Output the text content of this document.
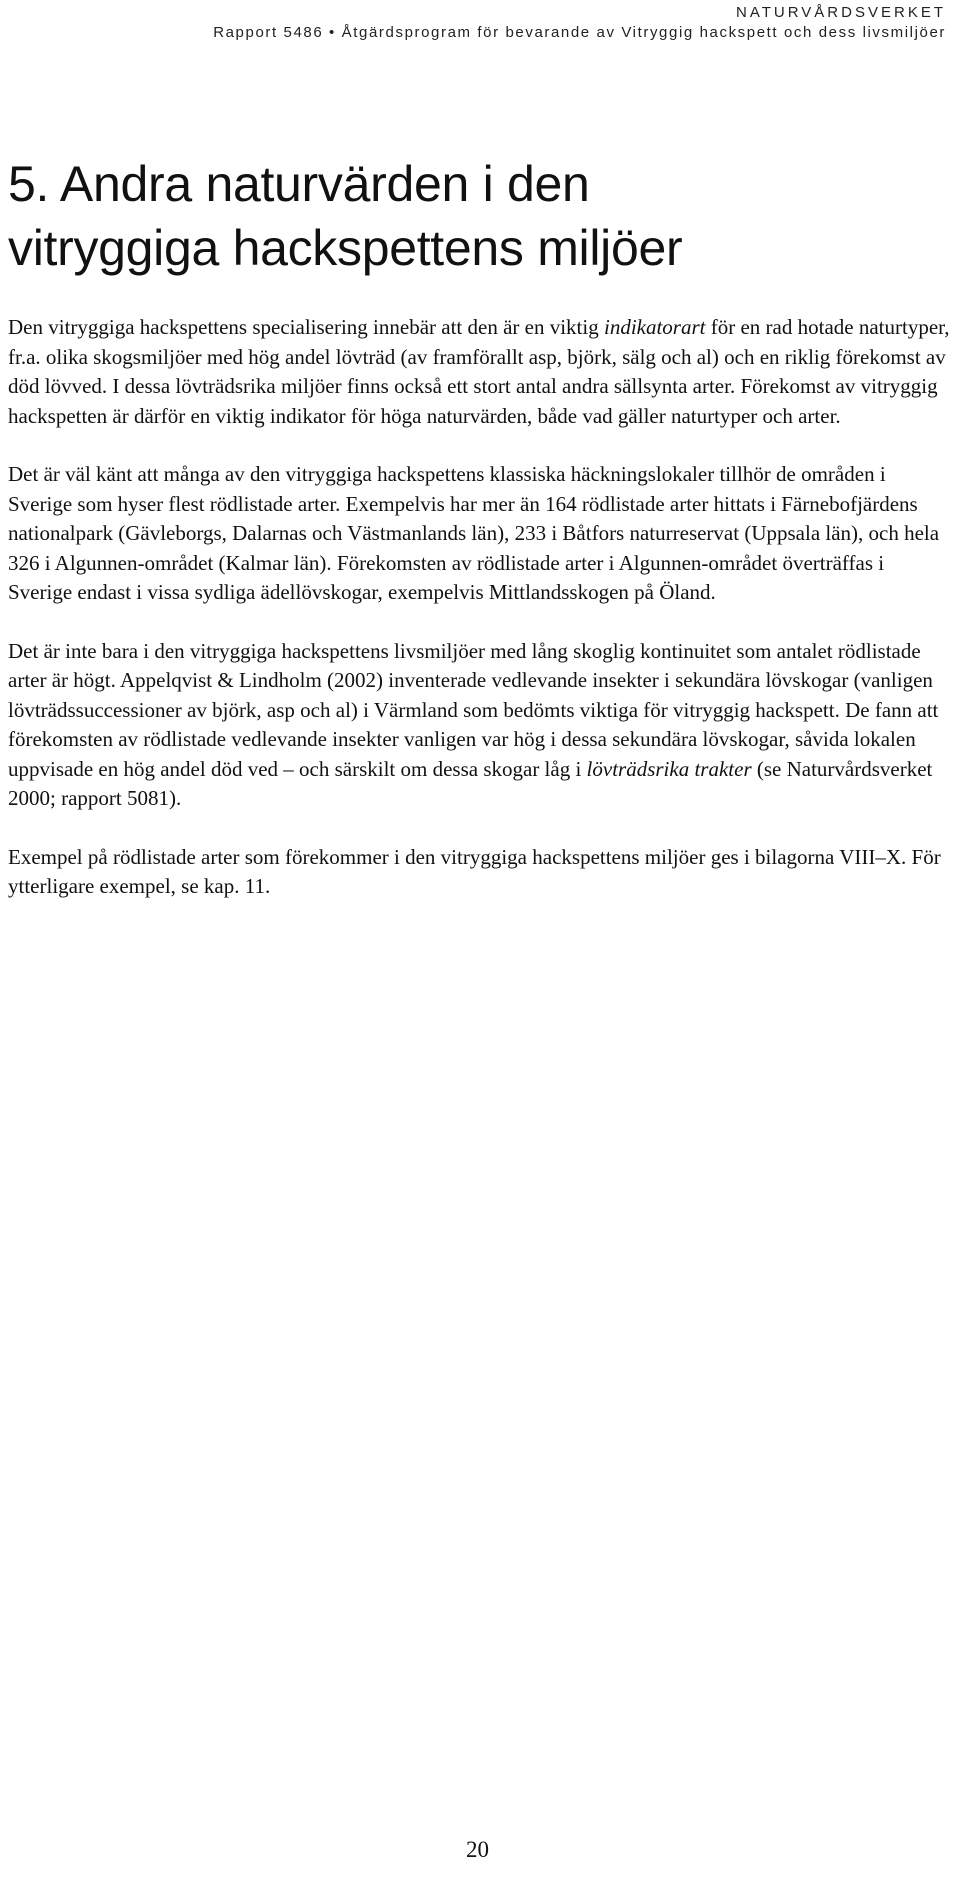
NATURVÅRDSVERKET
Rapport 5486 • Åtgärdsprogram för bevarande av Vitryggig hackspett och dess livsmiljöer
5. Andra naturvärden i den
vitryggiga hackspettens miljöer

Den vitryggiga hackspettens specialisering innebär att den är en viktig indikatorart för en rad hotade naturtyper, fr.a. olika skogsmiljöer med hög andel lövträd (av framförallt asp, björk, sälg och al) och en riklig förekomst av död lövved. I dessa lövträdsrika miljöer finns också ett stort antal andra sällsynta arter. Förekomst av vitryggig hackspetten är därför en viktig indikator för höga naturvärden, både vad gäller naturtyper och arter.

Det är väl känt att många av den vitryggiga hackspettens klassiska häckningslokaler tillhör de områden i Sverige som hyser flest rödlistade arter. Exempelvis har mer än 164 rödlistade arter hittats i Färnebofjärdens nationalpark (Gävleborgs, Dalarnas och Västmanlands län), 233 i Båtfors naturreservat (Uppsala län), och hela 326 i Algunnen-området (Kalmar län). Förekomsten av rödlistade arter i Algunnen-området överträffas i Sverige endast i vissa sydliga ädellövskogar, exempelvis Mittlandsskogen på Öland.

Det är inte bara i den vitryggiga hackspettens livsmiljöer med lång skoglig kontinuitet som antalet rödlistade arter är högt. Appelqvist & Lindholm (2002) inventerade vedlevande insekter i sekundära lövskogar (vanligen lövträdssuccessioner av björk, asp och al) i Värmland som bedömts viktiga för vitryggig hackspett. De fann att förekomsten av rödlistade vedlevande insekter vanligen var hög i dessa sekundära lövskogar, såvida lokalen uppvisade en hög andel död ved – och särskilt om dessa skogar låg i lövträdsrika trakter (se Naturvårdsverket 2000; rapport 5081).

Exempel på rödlistade arter som förekommer i den vitryggiga hackspettens miljöer ges i bilagorna VIII–X. För ytterligare exempel, se kap. 11.

20
